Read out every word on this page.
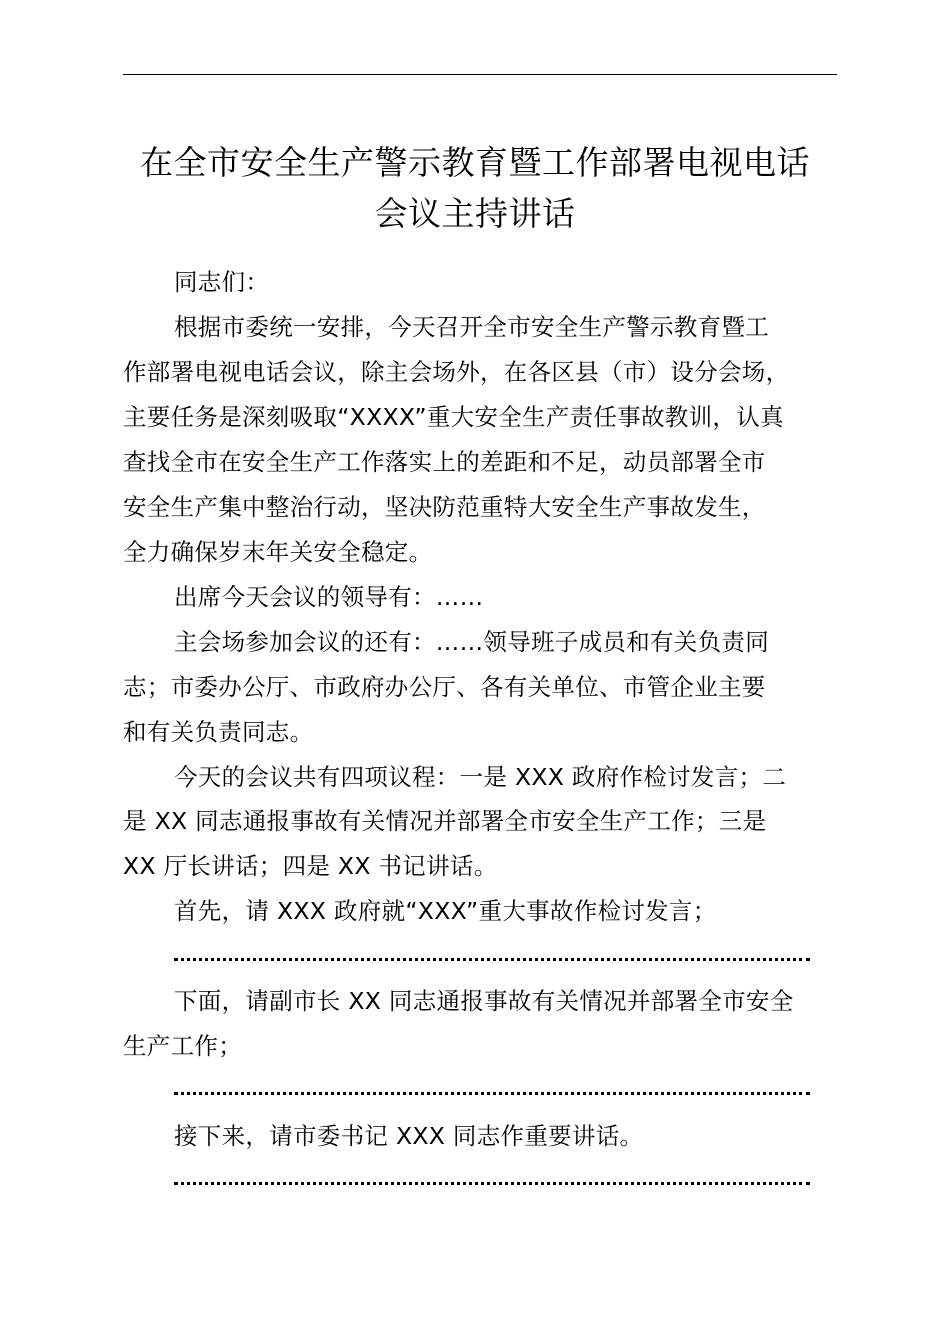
在全市安全生产警示教育暨工作部署电视电话
会议主持讲话
同志们：
根据市委统一安排，今天召开全市安全生产警示教育暨工
作部署电视电话会议，除主会场外，在各区县（市）设分会场，
主要任务是深刻吸取“XXXX”重大安全生产责任事故教训，认真
查找全市在安全生产工作落实上的差距和不足，动员部署全市
安全生产集中整治行动，坚决防范重特大安全生产事故发生，
全力确保岁末年关安全稳定。
出席今天会议的领导有：……
主会场参加会议的还有：……领导班子成员和有关负责同
志；市委办公厅、市政府办公厅、各有关单位、市管企业主要
和有关负责同志。
今天的会议共有四项议程：一是 XXX 政府作检讨发言；二
是 XX 同志通报事故有关情况并部署全市安全生产工作；三是
XX 厅长讲话；四是 XX 书记讲话。
首先，请 XXX 政府就“XXX”重大事故作检讨发言；
下面，请副市长 XX 同志通报事故有关情况并部署全市安全
生产工作；
接下来，请市委书记 XXX 同志作重要讲话。
